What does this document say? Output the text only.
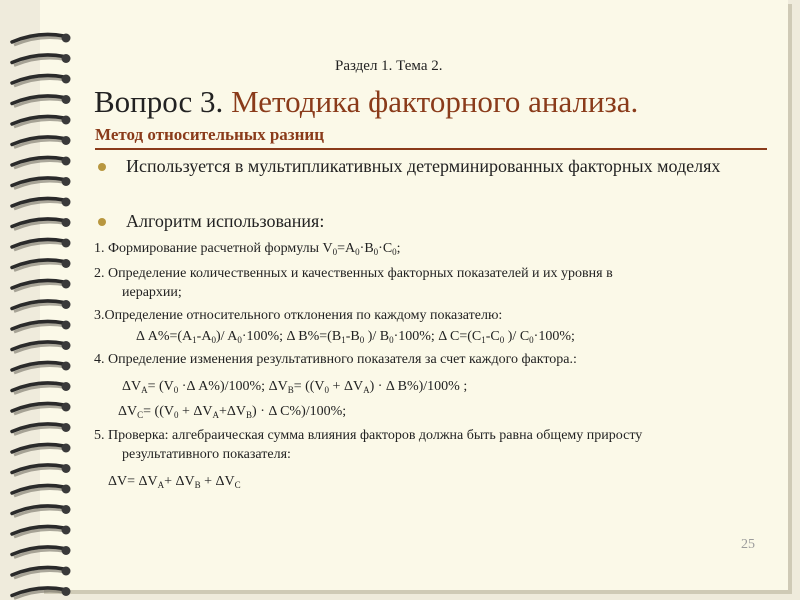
Раздел 1. Тема 2.
Вопрос 3. Методика факторного анализа.
Метод относительных разниц
Используется в мультипликативных детерминированных факторных моделях
Алгоритм использования:
1. Формирование расчетной формулы $V_0=A_0\cdot B_0\cdot C_0$;
2. Определение количественных и качественных факторных показателей и их уровня в
иерархии;
3.Определение относительного отклонения по каждому показателю:
Δ $A\%=(A_1-A_0)/$ $A_0\cdot 100\%$; Δ $B\%=(B_1-B_0$ )/ $B_0\cdot 100\%$; Δ $C=(C_1-C_0$ )/ $C_0\cdot 100\%$;
4. Определение изменения результативного показателя за счет каждого фактора.:
$\Delta V_A= (V_0 \cdot\Delta$ A%)/100%; $\Delta V_B= ((V_0 + \Delta V_A) \cdot \Delta$ B%)/100% ;
$\Delta V_C= ((V_0 + \Delta V_A+\Delta V_B) \cdot \Delta$ C%)/100%;
5. Проверка: алгебраическая сумма влияния факторов должна быть равна общему приросту
результативного показателя:
$\Delta V= \Delta V_A+ \Delta V_B + \Delta V_C$
25
